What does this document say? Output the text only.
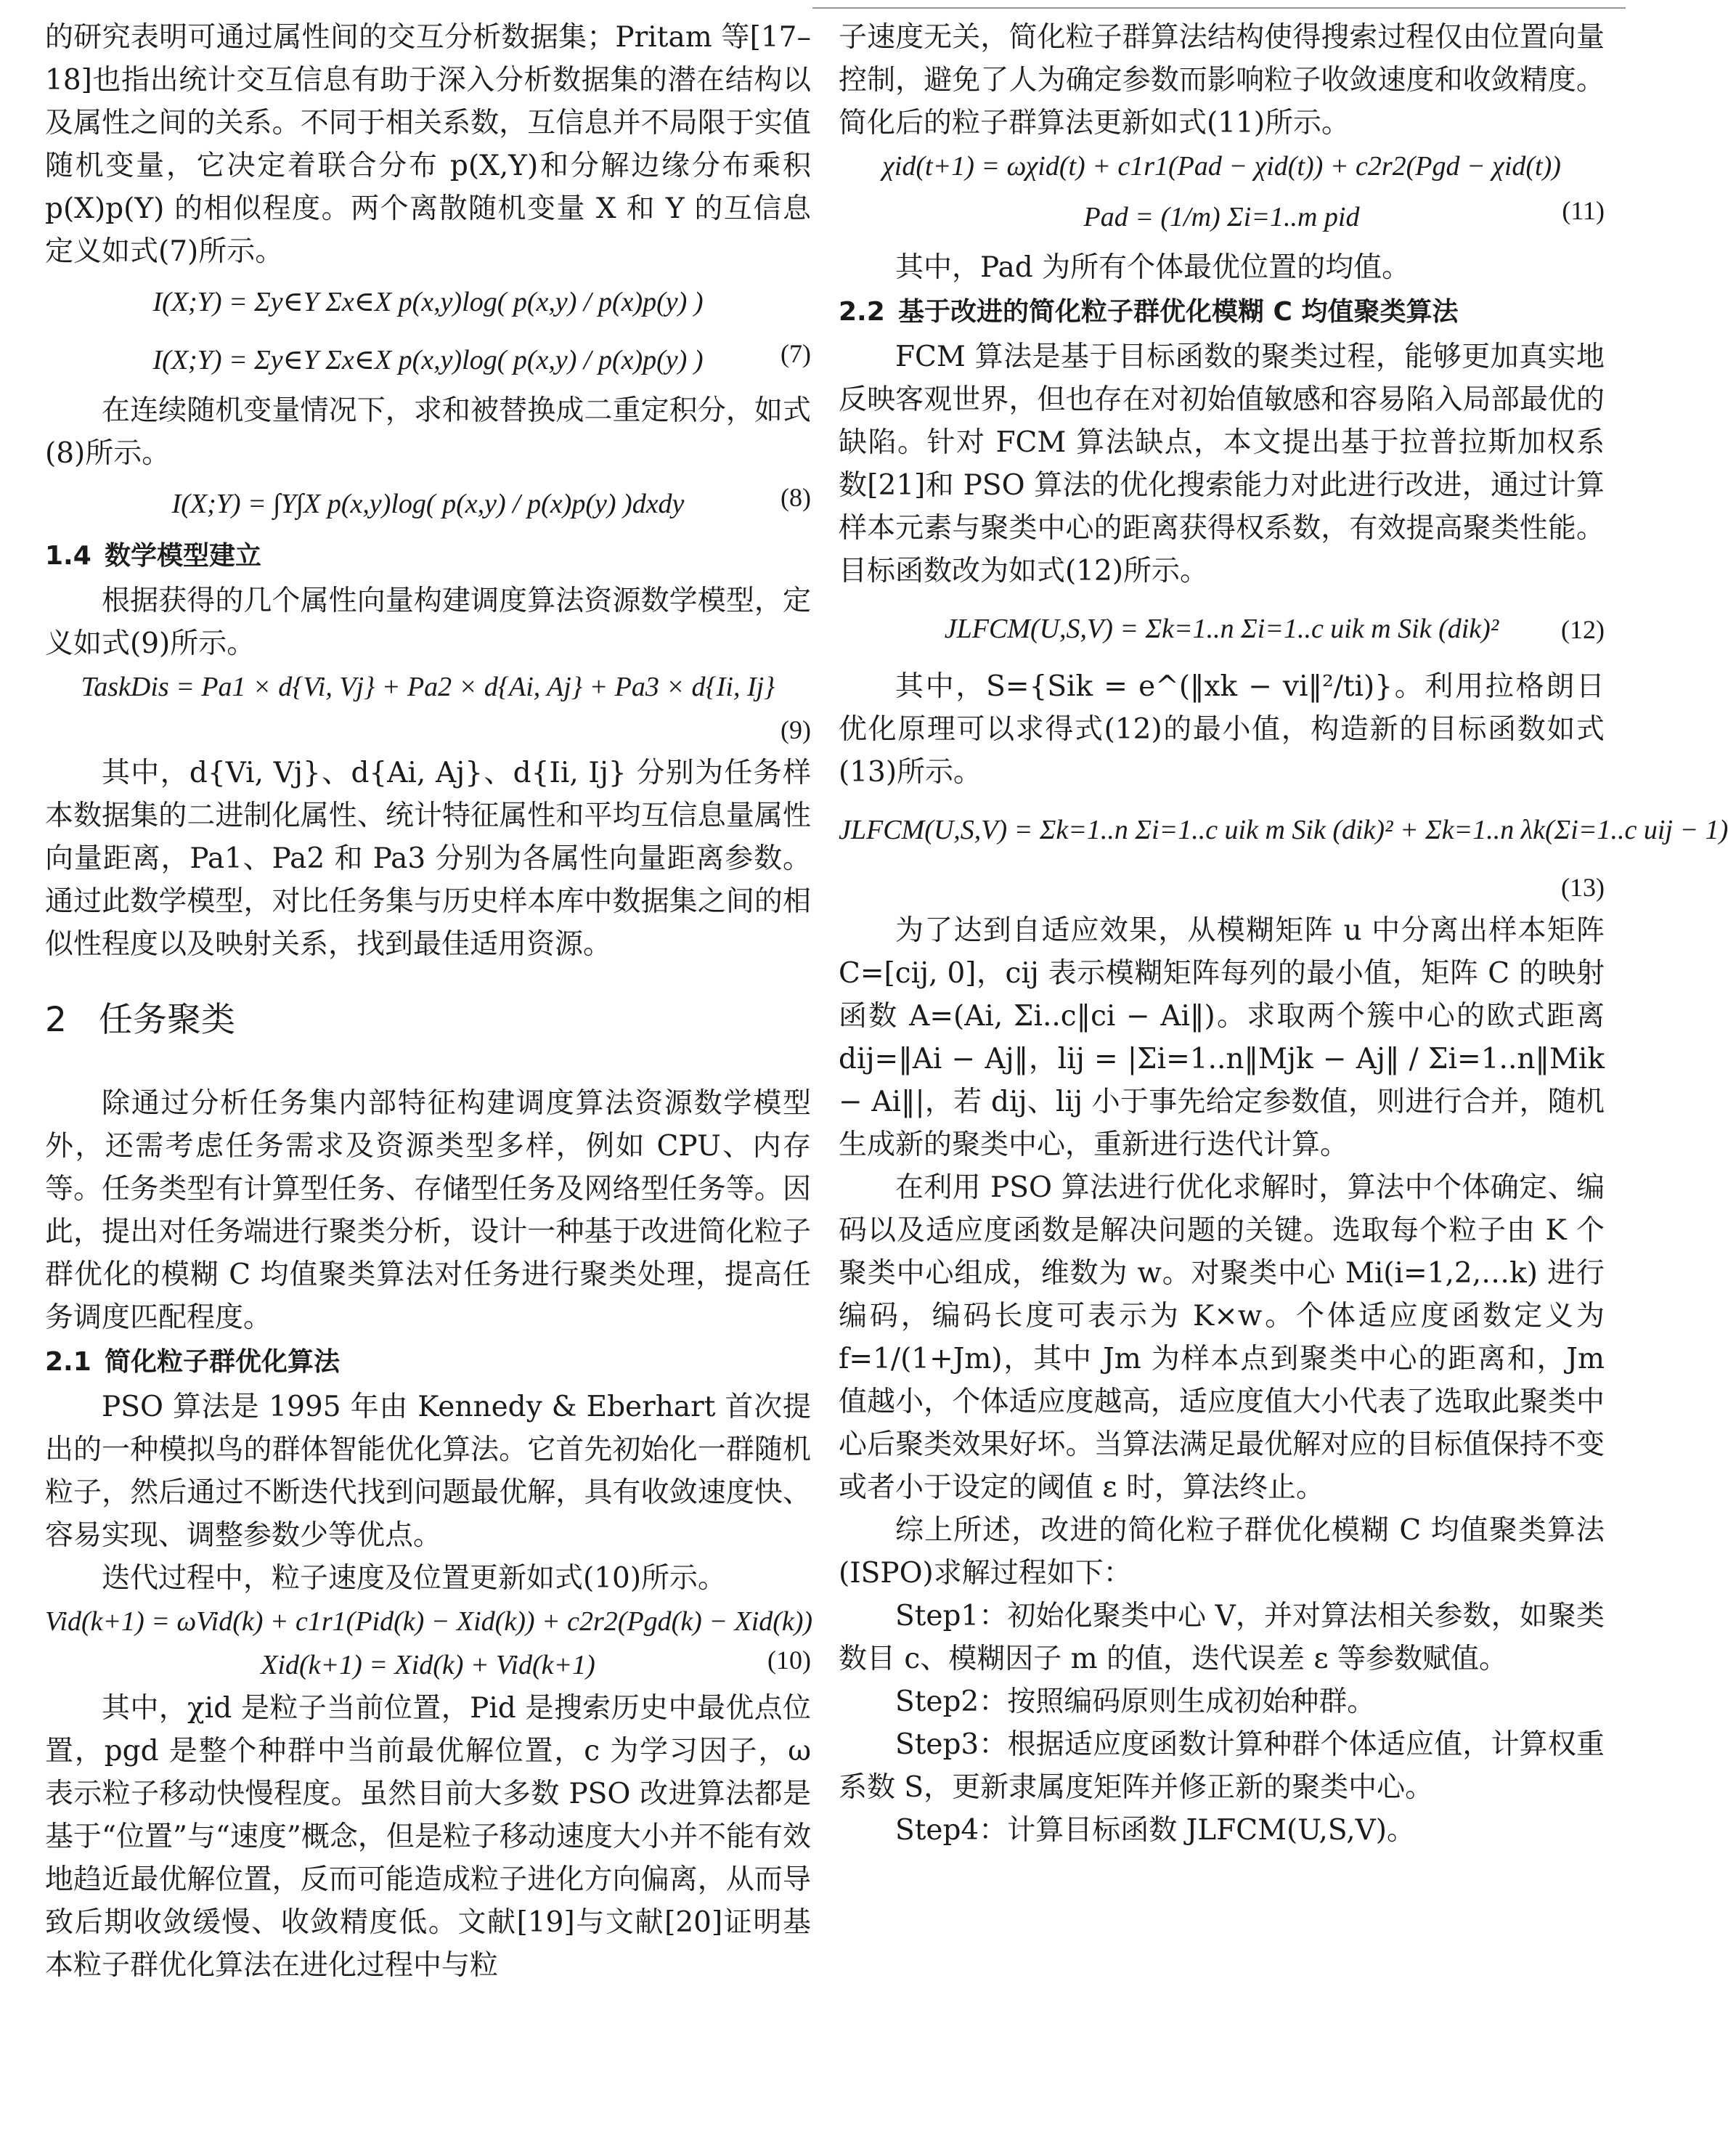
的研究表明可通过属性间的交互分析数据集；Pritam 等[17–18]也指出统计交互信息有助于深入分析数据集的潜在结构以及属性之间的关系。不同于相关系数，互信息并不局限于实值随机变量，它决定着联合分布 p(X,Y)和分解边缘分布乘积 p(X)p(Y) 的相似程度。两个离散随机变量 X 和 Y 的互信息定义如式(7)所示。

I(X;Y) = Σy∈Y Σx∈X p(x,y)log( p(x,y) / p(x)p(y) )
I(X;Y) = Σy∈Y Σx∈X p(x,y)log( p(x,y) / p(x)p(y) )	(7)

在连续随机变量情况下，求和被替换成二重定积分，如式(8)所示。

I(X;Y) = ∫Y∫X p(x,y)log( p(x,y) / p(x)p(y) )dxdy	(8)
1.4 数学模型建立

根据获得的几个属性向量构建调度算法资源数学模型，定义如式(9)所示。

TaskDis = Pa1 × d{Vi, Vj} + Pa2 × d{Ai, Aj} + Pa3 × d{Ii, Ij}
(9)

其中，d{Vi, Vj}、d{Ai, Aj}、d{Ii, Ij} 分别为任务样本数据集的二进制化属性、统计特征属性和平均互信息量属性向量距离，Pa1、Pa2 和 Pa3 分别为各属性向量距离参数。通过此数学模型，对比任务集与历史样本库中数据集之间的相似性程度以及映射关系，找到最佳适用资源。

2 任务聚类

除通过分析任务集内部特征构建调度算法资源数学模型外，还需考虑任务需求及资源类型多样，例如 CPU、内存等。任务类型有计算型任务、存储型任务及网络型任务等。因此，提出对任务端进行聚类分析，设计一种基于改进简化粒子群优化的模糊 C 均值聚类算法对任务进行聚类处理，提高任务调度匹配程度。

2.1 简化粒子群优化算法

PSO 算法是 1995 年由 Kennedy & Eberhart 首次提出的一种模拟鸟的群体智能优化算法。它首先初始化一群随机粒子，然后通过不断迭代找到问题最优解，具有收敛速度快、容易实现、调整参数少等优点。

迭代过程中，粒子速度及位置更新如式(10)所示。

Vid(k+1) = ωVid(k) + c1r1(Pid(k) − Xid(k)) + c2r2(Pgd(k) − Xid(k))
Xid(k+1) = Xid(k) + Vid(k+1)	(10)

其中，χid 是粒子当前位置，Pid 是搜索历史中最优点位置，pgd 是整个种群中当前最优解位置，c 为学习因子，ω 表示粒子移动快慢程度。虽然目前大多数 PSO 改进算法都是基于“位置”与“速度”概念，但是粒子移动速度大小并不能有效地趋近最优解位置，反而可能造成粒子进化方向偏离，从而导致后期收敛缓慢、收敛精度低。文献[19]与文献[20]证明基本粒子群优化算法在进化过程中与粒

子速度无关，简化粒子群算法结构使得搜索过程仅由位置向量控制，避免了人为确定参数而影响粒子收敛速度和收敛精度。简化后的粒子群算法更新如式(11)所示。

χid(t+1) = ωχid(t) + c1r1(Pad − χid(t)) + c2r2(Pgd − χid(t))
Pad = (1/m) Σi=1..m pid	(11)

其中，Pad 为所有个体最优位置的均值。

2.2 基于改进的简化粒子群优化模糊 C 均值聚类算法

FCM 算法是基于目标函数的聚类过程，能够更加真实地反映客观世界，但也存在对初始值敏感和容易陷入局部最优的缺陷。针对 FCM 算法缺点，本文提出基于拉普拉斯加权系数[21]和 PSO 算法的优化搜索能力对此进行改进，通过计算样本元素与聚类中心的距离获得权系数，有效提高聚类性能。目标函数改为如式(12)所示。

JLFCM(U,S,V) = Σk=1..n Σi=1..c uik m Sik (dik)²	(12)

其中，S={Sik = e^(‖xk − vi‖²/ti)}。利用拉格朗日优化原理可以求得式(12)的最小值，构造新的目标函数如式(13)所示。

JLFCM(U,S,V) = Σk=1..n Σi=1..c uik m Sik (dik)² + Σk=1..n λk(Σi=1..c uij − 1)
(13)

为了达到自适应效果，从模糊矩阵 u 中分离出样本矩阵 C=[cij, 0]，cij 表示模糊矩阵每列的最小值，矩阵 C 的映射函数 A=(Ai, Σi..c‖ci − Ai‖)。求取两个簇中心的欧式距离 dij=‖Ai − Aj‖，lij = |Σi=1..n‖Mjk − Aj‖ / Σi=1..n‖Mik − Ai‖|，若 dij、lij 小于事先给定参数值，则进行合并，随机生成新的聚类中心，重新进行迭代计算。

在利用 PSO 算法进行优化求解时，算法中个体确定、编码以及适应度函数是解决问题的关键。选取每个粒子由 K 个聚类中心组成，维数为 w。对聚类中心 Mi(i=1,2,…k) 进行编码，编码长度可表示为 K×w。个体适应度函数定义为 f=1/(1+Jm)，其中 Jm 为样本点到聚类中心的距离和，Jm 值越小，个体适应度越高，适应度值大小代表了选取此聚类中心后聚类效果好坏。当算法满足最优解对应的目标值保持不变或者小于设定的阈值 ε 时，算法终止。

综上所述，改进的简化粒子群优化模糊 C 均值聚类算法(ISPO)求解过程如下：

Step1：初始化聚类中心 V，并对算法相关参数，如聚类数目 c、模糊因子 m 的值，迭代误差 ε 等参数赋值。

Step2：按照编码原则生成初始种群。

Step3：根据适应度函数计算种群个体适应值，计算权重系数 S，更新隶属度矩阵并修正新的聚类中心。

Step4：计算目标函数 JLFCM(U,S,V)。
